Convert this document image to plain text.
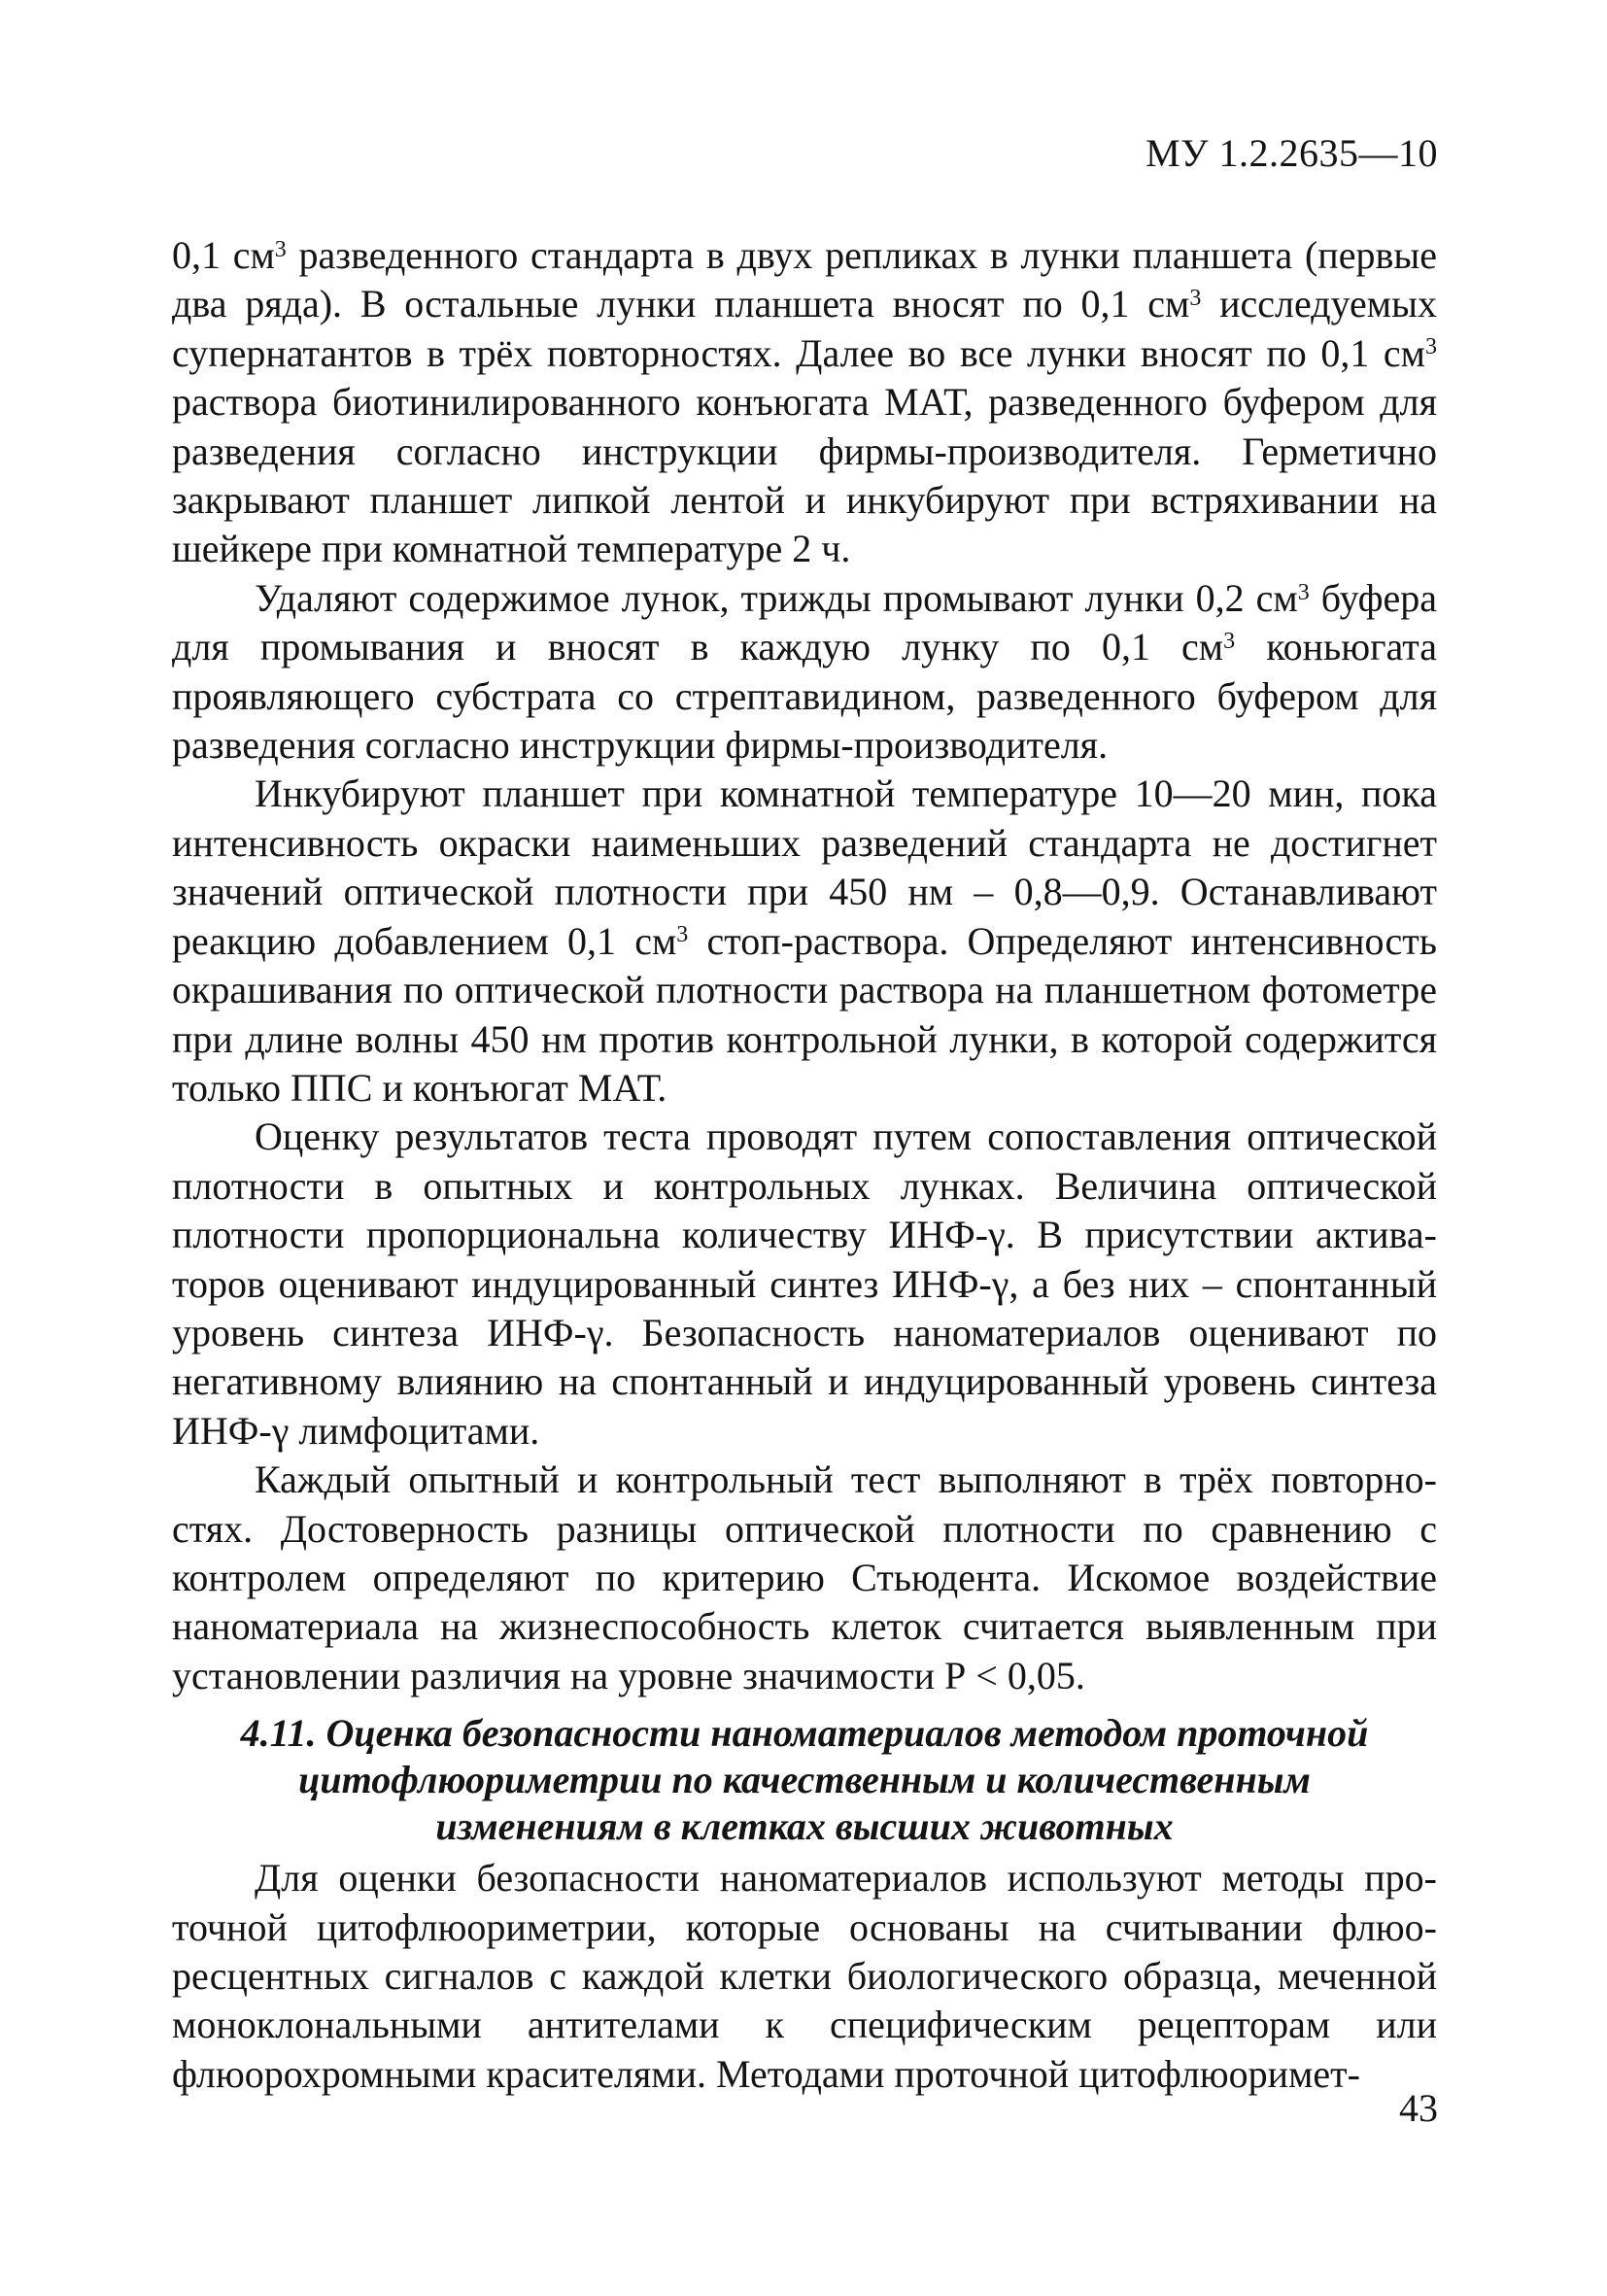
МУ 1.2.2635—10

0,1 $см^3$ разведенного стандарта в двух репликах в лунки планшета (первые два ряда). В остальные лунки планшета вносят по 0,1 $см^3$ исследуемых супернатантов в трёх повторностях. Далее во все лунки вносят по 0,1 $см^3$ раствора биотинилированного конъюгата МАТ, разведенного буфером для разведения согласно инструкции фирмы-производителя. Герметично закрывают планшет липкой лентой и инкубируют при встряхивании на шейкере при комнатной температуре 2 ч.

Удаляют содержимое лунок, трижды промывают лунки 0,2 $см^3$ буфера для промывания и вносят в каждую лунку по 0,1 $см^3$ коньюгата проявляющего субстрата со стрептавидином, разведенного буфером для разведения согласно инструкции фирмы-производителя.

Инкубируют планшет при комнатной температуре 10—20 мин, пока интенсивность окраски наименьших разведений стандарта не достигнет значений оптической плотности при 450 нм – 0,8—0,9. Останавливают реакцию добавлением 0,1 $см^3$ стоп-раствора. Определяют интенсивность окрашивания по оптической плотности раствора на планшетном фотометре при длине волны 450 нм против контрольной лунки, в которой содержится только ППС и конъюгат МАТ.

Оценку результатов теста проводят путем сопоставления оптической плотности в опытных и контрольных лунках. Величина оптической плотности пропорциональна количеству ИНФ-γ. В присутствии активаторов оценивают индуцированный синтез ИНФ-γ, а без них – спонтанный уровень синтеза ИНФ-γ. Безопасность наноматериалов оценивают по негативному влиянию на спонтанный и индуцированный уровень синтеза ИНФ-γ лимфоцитами.

Каждый опытный и контрольный тест выполняют в трёх повторностях. Достоверность разницы оптической плотности по сравнению с контролем определяют по критерию Стьюдента. Искомое воздействие наноматериала на жизнеспособность клеток считается выявленным при установлении различия на уровне значимости Р < 0,05.

4.11. Оценка безопасности наноматериалов методом проточной
цитофлюориметрии по качественным и количественным
изменениям в клетках высших животных

Для оценки безопасности наноматериалов используют методы проточной цитофлюориметрии, которые основаны на считывании флюоресцентных сигналов с каждой клетки биологического образца, меченной моноклональными антителами к специфическим рецепторам или флюорохромными красителями. Методами проточной цитофлюоримет-

43
